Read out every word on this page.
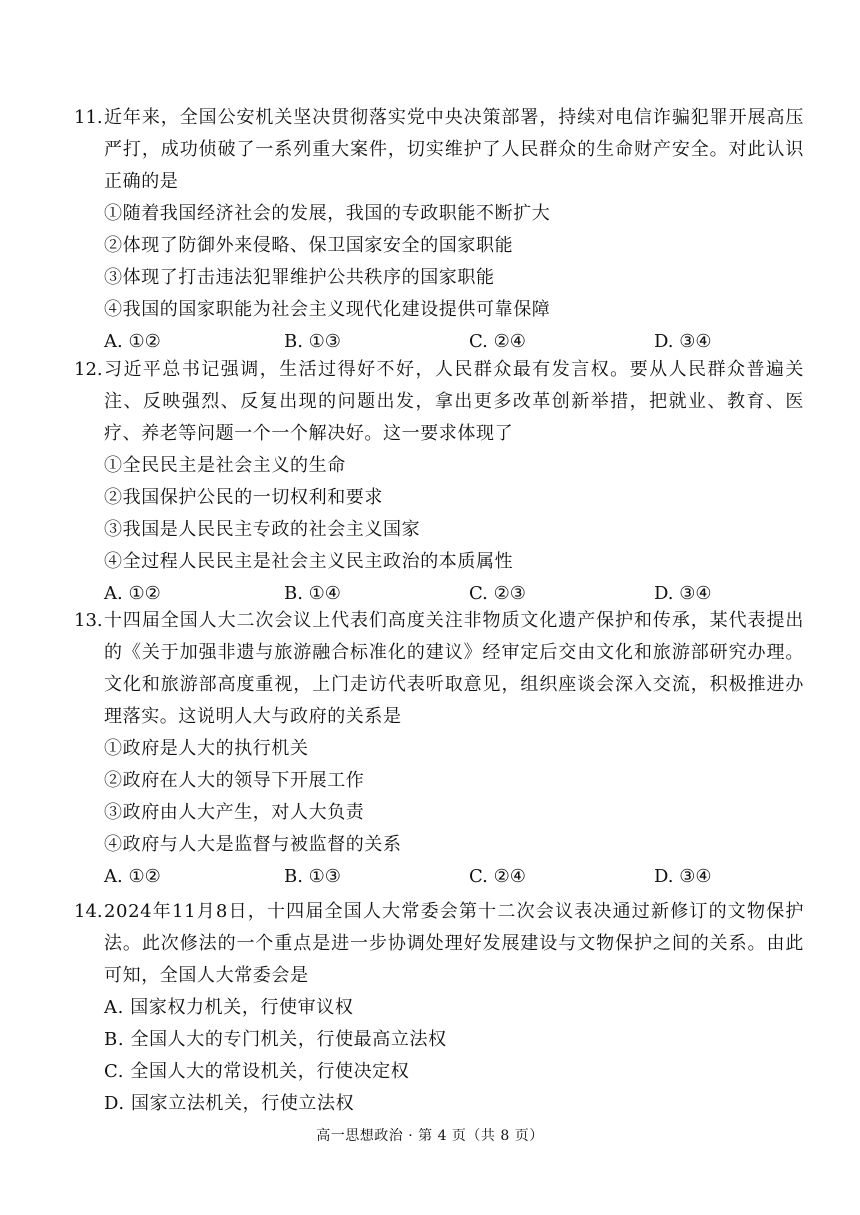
11. 近年来，全国公安机关坚决贯彻落实党中央决策部署，持续对电信诈骗犯罪开展高压严打，成功侦破了一系列重大案件，切实维护了人民群众的生命财产安全。对此认识正确的是
①随着我国经济社会的发展，我国的专政职能不断扩大
②体现了防御外来侵略、保卫国家安全的国家职能
③体现了打击违法犯罪维护公共秩序的国家职能
④我国的国家职能为社会主义现代化建设提供可靠保障
A. ①②	B. ①③	C. ②④	D. ③④
12. 习近平总书记强调，生活过得好不好，人民群众最有发言权。要从人民群众普遍关注、反映强烈、反复出现的问题出发，拿出更多改革创新举措，把就业、教育、医疗、养老等问题一个一个解决好。这一要求体现了
①全民民主是社会主义的生命
②我国保护公民的一切权利和要求
③我国是人民民主专政的社会主义国家
④全过程人民民主是社会主义民主政治的本质属性
A. ①②	B. ①④	C. ②③	D. ③④
13. 十四届全国人大二次会议上代表们高度关注非物质文化遗产保护和传承，某代表提出的《关于加强非遗与旅游融合标准化的建议》经审定后交由文化和旅游部研究办理。文化和旅游部高度重视，上门走访代表听取意见，组织座谈会深入交流，积极推进办理落实。这说明人大与政府的关系是
①政府是人大的执行机关
②政府在人大的领导下开展工作
③政府由人大产生，对人大负责
④政府与人大是监督与被监督的关系
A. ①②	B. ①③	C. ②④	D. ③④
14. 2024年11月8日，十四届全国人大常委会第十二次会议表决通过新修订的文物保护法。此次修法的一个重点是进一步协调处理好发展建设与文物保护之间的关系。由此可知，全国人大常委会是
A. 国家权力机关，行使审议权
B. 全国人大的专门机关，行使最高立法权
C. 全国人大的常设机关，行使决定权
D. 国家立法机关，行使立法权
高一思想政治 · 第 4 页（共 8 页）
